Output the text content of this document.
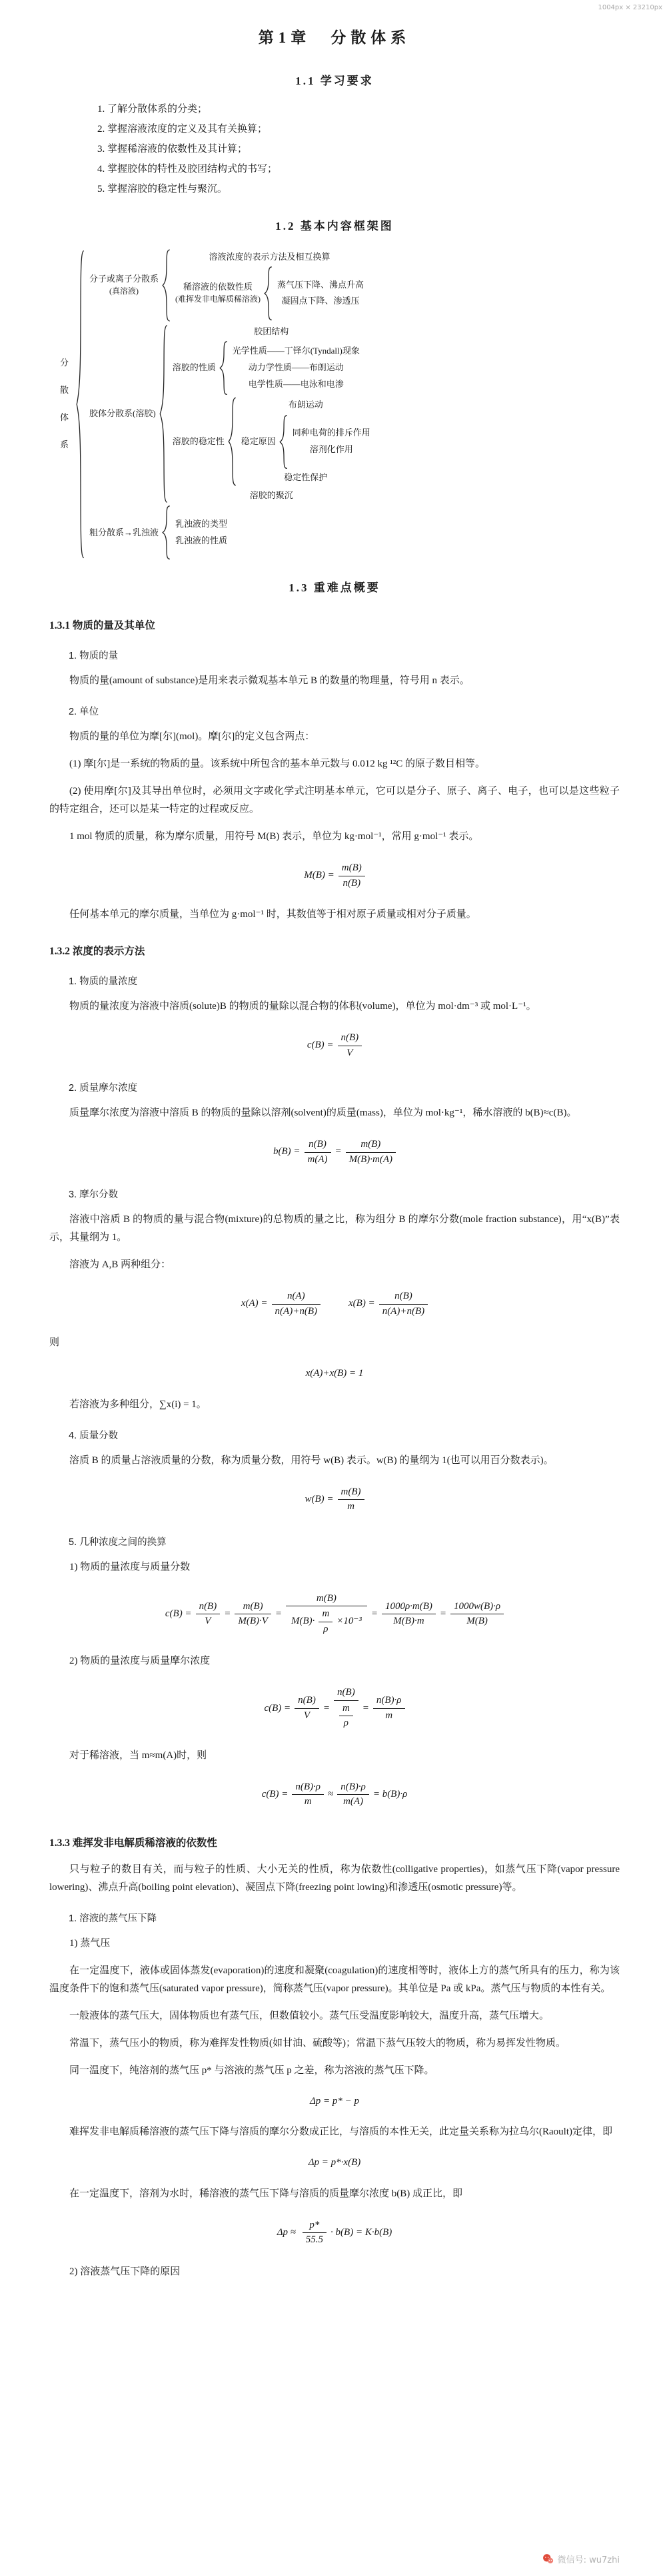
1004px × 23210px
第1章　分散体系
1.1 学习要求

1. 了解分散体系的分类；

2. 掌握溶液浓度的定义及其有关换算；

3. 掌握稀溶液的依数性及其计算；

4. 掌握胶体的特性及胶团结构式的书写；

5. 掌握溶胶的稳定性与聚沉。

1.2 基本内容框架图
分
散
体
系
分子或离子分散系
(真溶液)
溶液浓度的表示方法及相互换算
稀溶液的依数性质
(难挥发非电解质稀溶液)
蒸气压下降、沸点升高
凝固点下降、渗透压
胶体分散系(溶胶)
胶团结构
溶胶的性质
光学性质——丁铎尔(Tyndall)现象
动力学性质——布朗运动
电学性质——电泳和电渗
溶胶的稳定性
布朗运动
稳定原因
同种电荷的排斥作用
溶剂化作用
稳定性保护
溶胶的聚沉
粗分散系→乳浊液
乳浊液的类型
乳浊液的性质
1.3 重难点概要
1.3.1 物质的量及其单位

1. 物质的量

物质的量(amount of substance)是用来表示微观基本单元 B 的数量的物理量，符号用 n 表示。

2. 单位

物质的量的单位为摩[尔](mol)。摩[尔]的定义包含两点：

(1) 摩[尔]是一系统的物质的量。该系统中所包含的基本单元数与 0.012 kg ¹²C 的原子数目相等。

(2) 使用摩[尔]及其导出单位时，必须用文字或化学式注明基本单元，它可以是分子、原子、离子、电子，也可以是这些粒子的特定组合，还可以是某一特定的过程或反应。

1 mol 物质的质量，称为摩尔质量，用符号 M(B) 表示，单位为 kg·mol⁻¹，常用 g·mol⁻¹ 表示。

$M(B) = \frac{m(B)}{n(B)}$

任何基本单元的摩尔质量，当单位为 g·mol⁻¹ 时，其数值等于相对原子质量或相对分子质量。

1.3.2 浓度的表示方法

1. 物质的量浓度

物质的量浓度为溶液中溶质(solute)B 的物质的量除以混合物的体积(volume)，单位为 mol·dm⁻³ 或 mol·L⁻¹。

$c(B) = \frac{n(B)}{V}$

2. 质量摩尔浓度

质量摩尔浓度为溶液中溶质 B 的物质的量除以溶剂(solvent)的质量(mass)，单位为 mol·kg⁻¹，稀水溶液的 b(B)≈c(B)。

$b(B) = \frac{n(B)}{m(A)} = \frac{m(B)}{M(B)\cdot m(A)}$

3. 摩尔分数

溶液中溶质 B 的物质的量与混合物(mixture)的总物质的量之比，称为组分 B 的摩尔分数(mole fraction substance)，用“x(B)”表示，其量纲为 1。

溶液为 A,B 两种组分：

$x(A) = \frac{n(A)}{n(A)+n(B)}$
　　	$x(B) = \frac{n(B)}{n(A)+n(B)}$

则

x(A)+x(B) = 1

若溶液为多种组分，∑x(i) = 1。

4. 质量分数

溶质 B 的质量占溶液质量的分数，称为质量分数，用符号 w(B) 表示。w(B) 的量纲为 1(也可以用百分数表示)。

$w(B) = \frac{m(B)}{m}$

5. 几种浓度之间的换算

1) 物质的量浓度与质量分数

$c(B) = \frac{n(B)}{V} = \frac{m(B)}{M(B)\cdot V} = \frac{m(B)}{M(B)\cdot \frac{m}{\rho} \times 10^{-3}} = \frac{1000\rho\cdot m(B)}{M(B)\cdot m} = \frac{1000w(B)\cdot\rho}{M(B)}$

2) 物质的量浓度与质量摩尔浓度

$c(B) = \frac{n(B)}{V} = \frac{n(B)}{\frac{m}{\rho}} = \frac{n(B)\cdot\rho}{m}$

对于稀溶液，当 m≈m(A)时，则

$c(B) = \frac{n(B)\cdot\rho}{m} \approx \frac{n(B)\cdot\rho}{m(A)} = b(B)\cdot\rho$
1.3.3 难挥发非电解质稀溶液的依数性

只与粒子的数目有关，而与粒子的性质、大小无关的性质，称为依数性(colligative properties)，如蒸气压下降(vapor pressure lowering)、沸点升高(boiling point elevation)、凝固点下降(freezing point lowing)和渗透压(osmotic pressure)等。

1. 溶液的蒸气压下降

1) 蒸气压

在一定温度下，液体或固体蒸发(evaporation)的速度和凝聚(coagulation)的速度相等时，液体上方的蒸气所具有的压力，称为该温度条件下的饱和蒸气压(saturated vapor pressure)，简称蒸气压(vapor pressure)。其单位是 Pa 或 kPa。蒸气压与物质的本性有关。

一般液体的蒸气压大，固体物质也有蒸气压，但数值较小。蒸气压受温度影响较大，温度升高，蒸气压增大。

常温下，蒸气压小的物质，称为难挥发性物质(如甘油、硫酸等)；常温下蒸气压较大的物质，称为易挥发性物质。

同一温度下，纯溶剂的蒸气压 p* 与溶液的蒸气压 p 之差，称为溶液的蒸气压下降。

Δp = p* − p

难挥发非电解质稀溶液的蒸气压下降与溶质的摩尔分数成正比，与溶质的本性无关，此定量关系称为拉乌尔(Raoult)定律，即

Δp = p*·x(B)

在一定温度下，溶剂为水时，稀溶液的蒸气压下降与溶质的质量摩尔浓度 b(B) 成正比，即

$\Delta p \approx \frac{p*}{55.5} \cdot b(B) = K\cdot b(B)$

2) 溶液蒸气压下降的原因

微信号: wu7zhi
